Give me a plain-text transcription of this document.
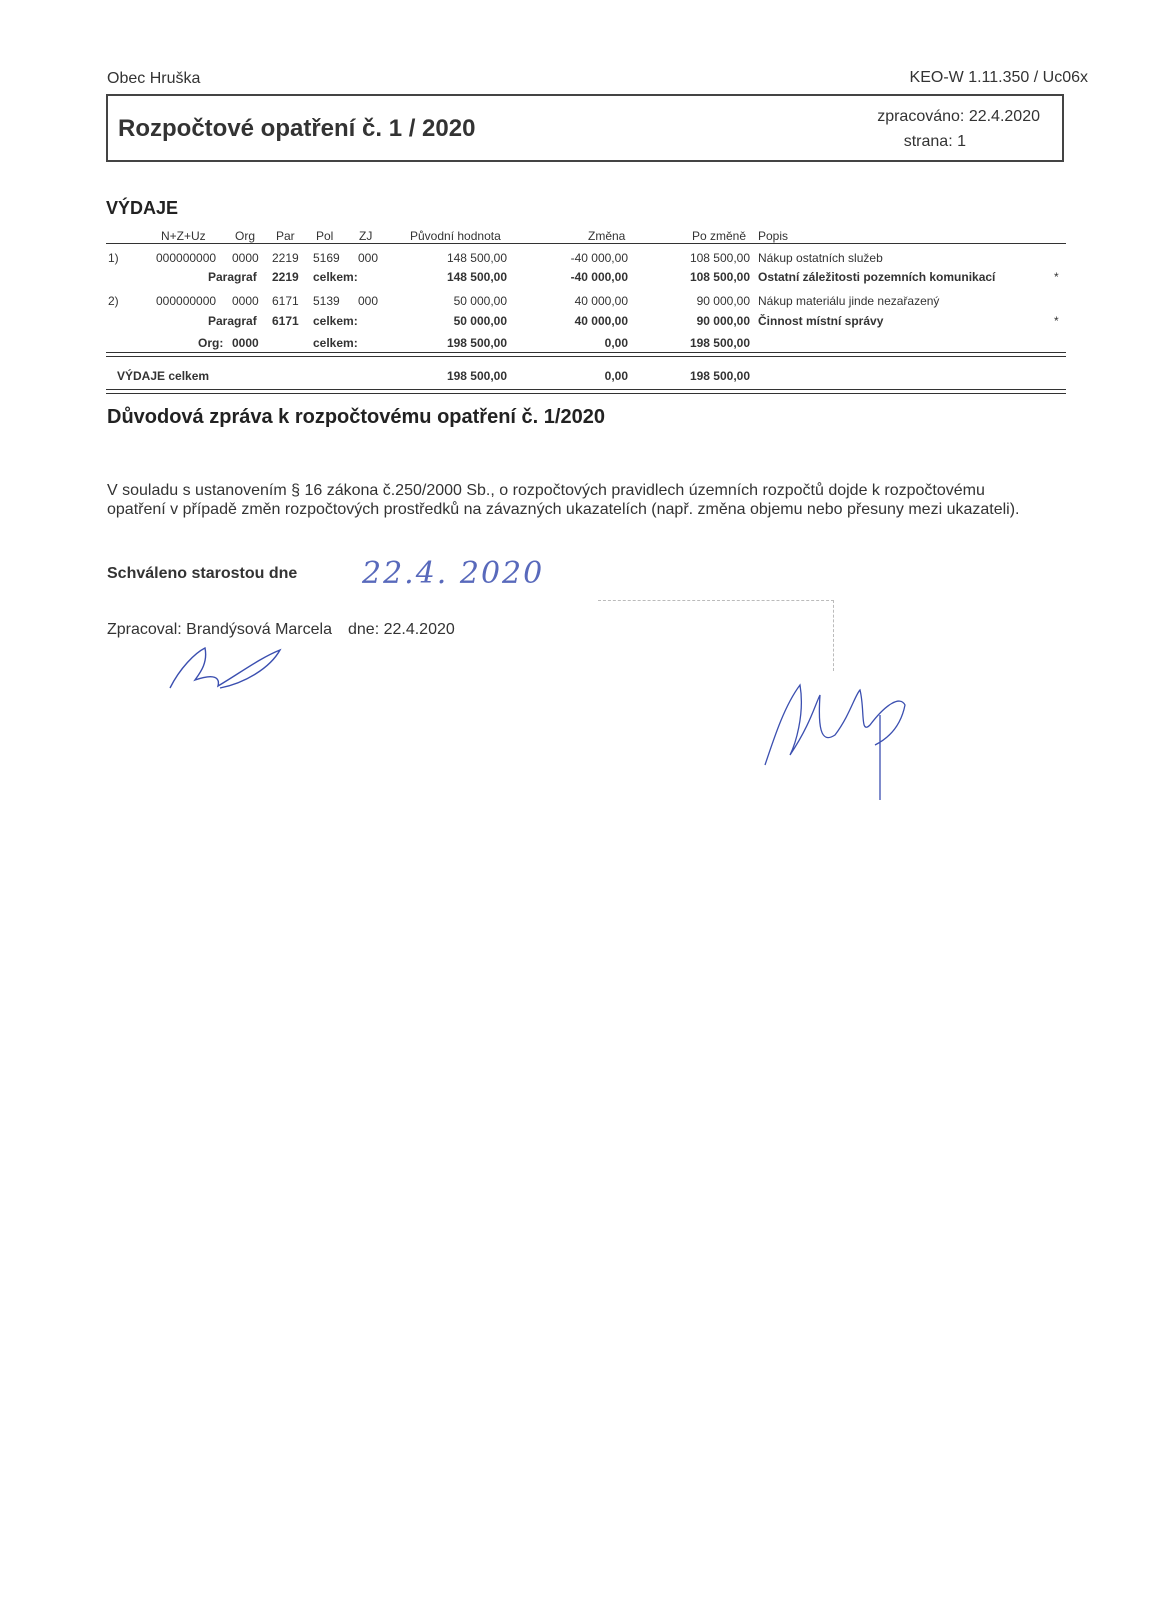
Obec Hruška	KEO-W 1.11.350 / Uc06x
Rozpočtové opatření č. 1 / 2020	zpracováno: 22.4.2020
strana: 1
VÝDAJE
N+Z+Uz Org Par Pol ZJ	Původní hodnota	Změna	Po změně Popis
1)	000000000 0000 2219 5169 000	148 500,00	-40 000,00	108 500,00 Nákup ostatních služeb
Paragraf 2219 celkem:	148 500,00	-40 000,00	108 500,00 Ostatní záležitosti pozemních komunikací	*
2)	000000000 0000 6171 5139 000	50 000,00	40 000,00	90 000,00 Nákup materiálu jinde nezařazený
Paragraf 6171 celkem:	50 000,00	40 000,00	90 000,00 Činnost místní správy	*
Org: 0000	celkem:	198 500,00	0,00	198 500,00
VÝDAJE celkem	198 500,00	0,00	198 500,00
Důvodová zpráva k rozpočtovému opatření č. 1/2020
V souladu s ustanovením § 16 zákona č.250/2000 Sb., o rozpočtových pravidlech územních rozpočtů dojde k rozpočtovému opatření v případě změn rozpočtových prostředků na závazných ukazatelích (např. změna objemu nebo přesuny mezi ukazateli).
Schváleno starostou dne 22.4. 2020
Zpracoval: Brandýsová Marcela dne: 22.4.2020
